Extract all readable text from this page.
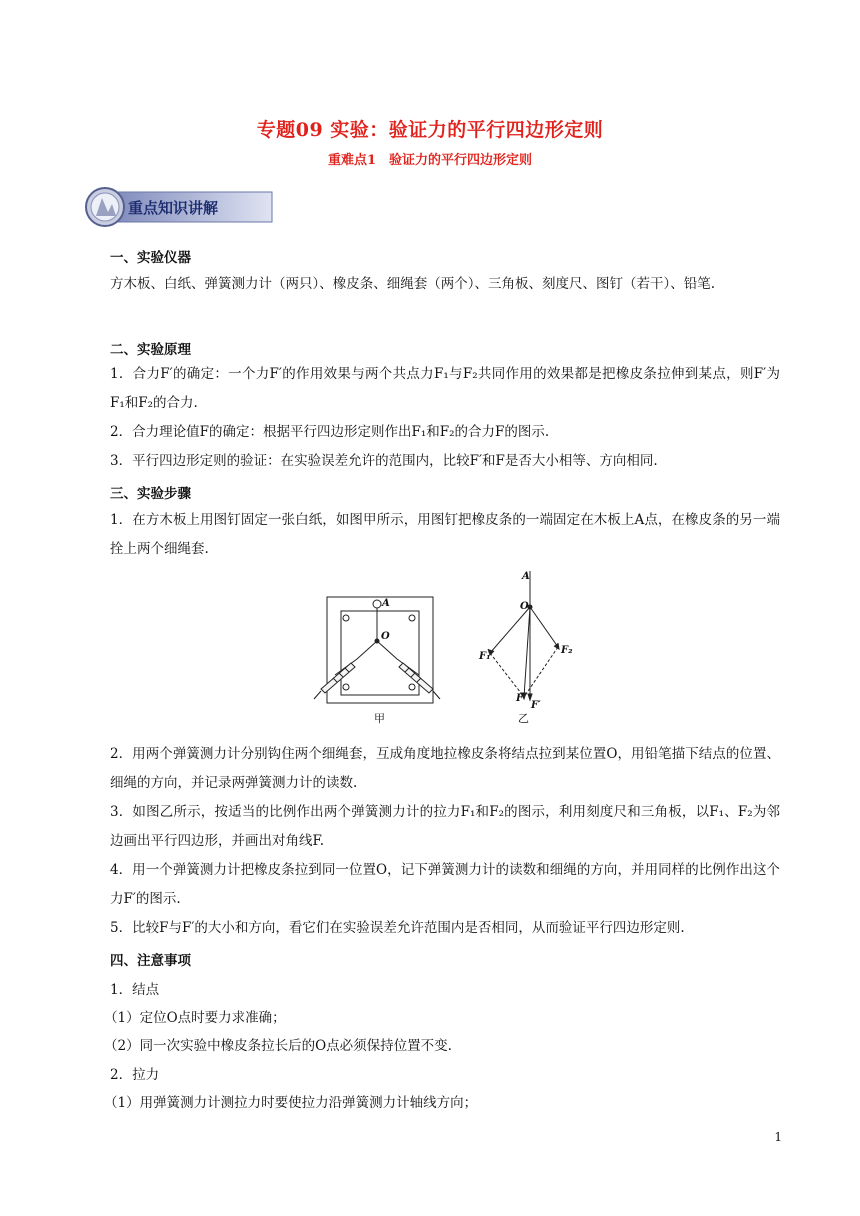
专题09 实验：验证力的平行四边形定则
重难点1　验证力的平行四边形定则
重点知识讲解
一、实验仪器
方木板、白纸、弹簧测力计（两只）、橡皮条、细绳套（两个）、三角板、刻度尺、图钉（若干）、铅笔.
二、实验原理
1．合力F′的确定：一个力F′的作用效果与两个共点力F₁与F₂共同作用的效果都是把橡皮条拉伸到某点，则F′为F₁和F₂的合力.
2．合力理论值F的确定：根据平行四边形定则作出F₁和F₂的合力F的图示.
3．平行四边形定则的验证：在实验误差允许的范围内，比较F′和F是否大小相等、方向相同.
三、实验步骤
1．在方木板上用图钉固定一张白纸，如图甲所示，用图钉把橡皮条的一端固定在木板上A点，在橡皮条的另一端拴上两个细绳套.
A
O
甲
A
O
F₁
F₂
F
F′
乙
2．用两个弹簧测力计分别钩住两个细绳套，互成角度地拉橡皮条将结点拉到某位置O，用铅笔描下结点的位置、细绳的方向，并记录两弹簧测力计的读数.
3．如图乙所示，按适当的比例作出两个弹簧测力计的拉力F₁和F₂的图示，利用刻度尺和三角板，以F₁、F₂为邻边画出平行四边形，并画出对角线F.
4．用一个弹簧测力计把橡皮条拉到同一位置O，记下弹簧测力计的读数和细绳的方向，并用同样的比例作出这个力F′的图示.
5．比较F与F′的大小和方向，看它们在实验误差允许范围内是否相同，从而验证平行四边形定则.
四、注意事项
1．结点
（1）定位O点时要力求准确；
（2）同一次实验中橡皮条拉长后的O点必须保持位置不变.
2．拉力
（1）用弹簧测力计测拉力时要使拉力沿弹簧测力计轴线方向；
1
